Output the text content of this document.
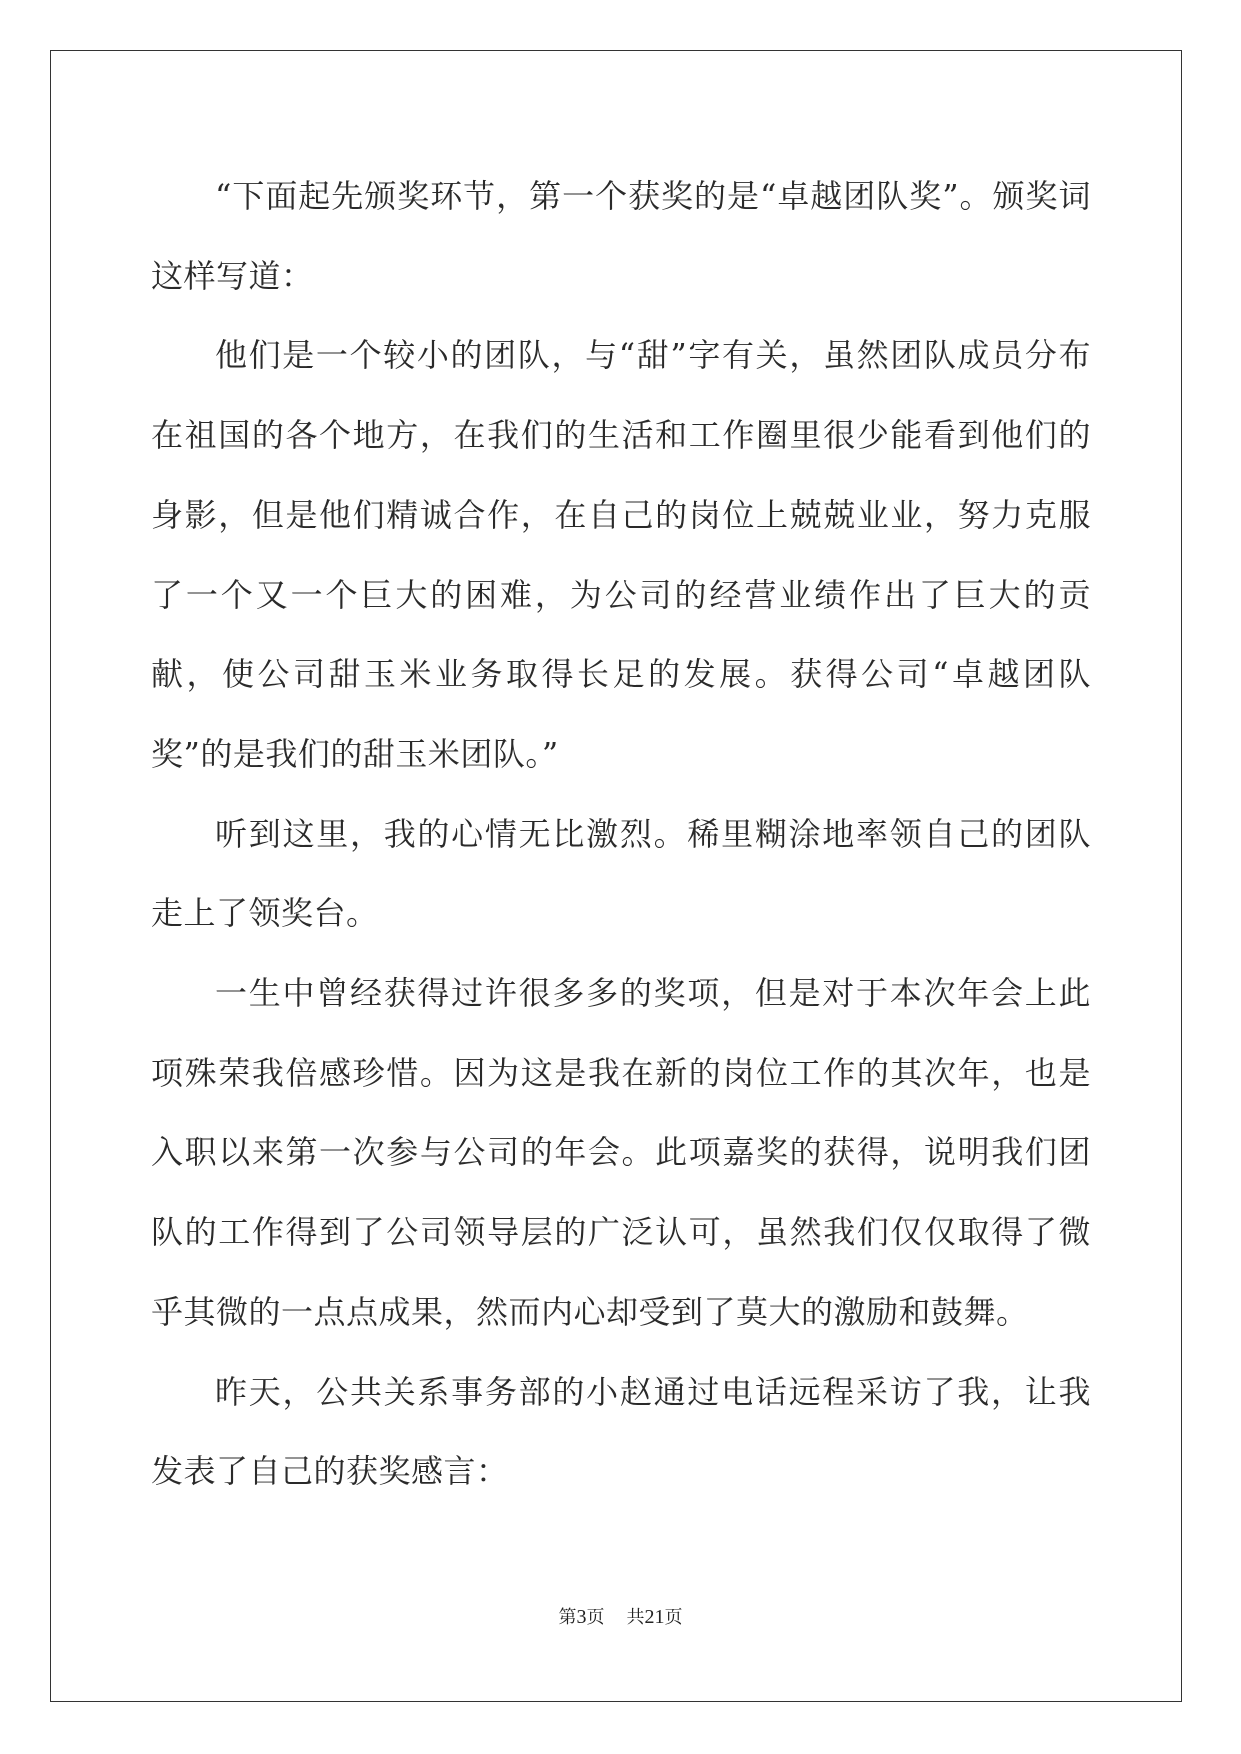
“下面起先颁奖环节，第一个获奖的是“卓越团队奖”。颁奖词这样写道：

他们是一个较小的团队，与“甜”字有关，虽然团队成员分布在祖国的各个地方，在我们的生活和工作圈里很少能看到他们的身影，但是他们精诚合作，在自己的岗位上兢兢业业，努力克服了一个又一个巨大的困难，为公司的经营业绩作出了巨大的贡献，使公司甜玉米业务取得长足的发展。获得公司“卓越团队奖”的是我们的甜玉米团队。”

听到这里，我的心情无比激烈。稀里糊涂地率领自己的团队走上了领奖台。

一生中曾经获得过许很多多的奖项，但是对于本次年会上此项殊荣我倍感珍惜。因为这是我在新的岗位工作的其次年，也是入职以来第一次参与公司的年会。此项嘉奖的获得，说明我们团队的工作得到了公司领导层的广泛认可，虽然我们仅仅取得了微乎其微的一点点成果，然而内心却受到了莫大的激励和鼓舞。

昨天，公共关系事务部的小赵通过电话远程采访了我，让我发表了自己的获奖感言：

第3页 共21页
